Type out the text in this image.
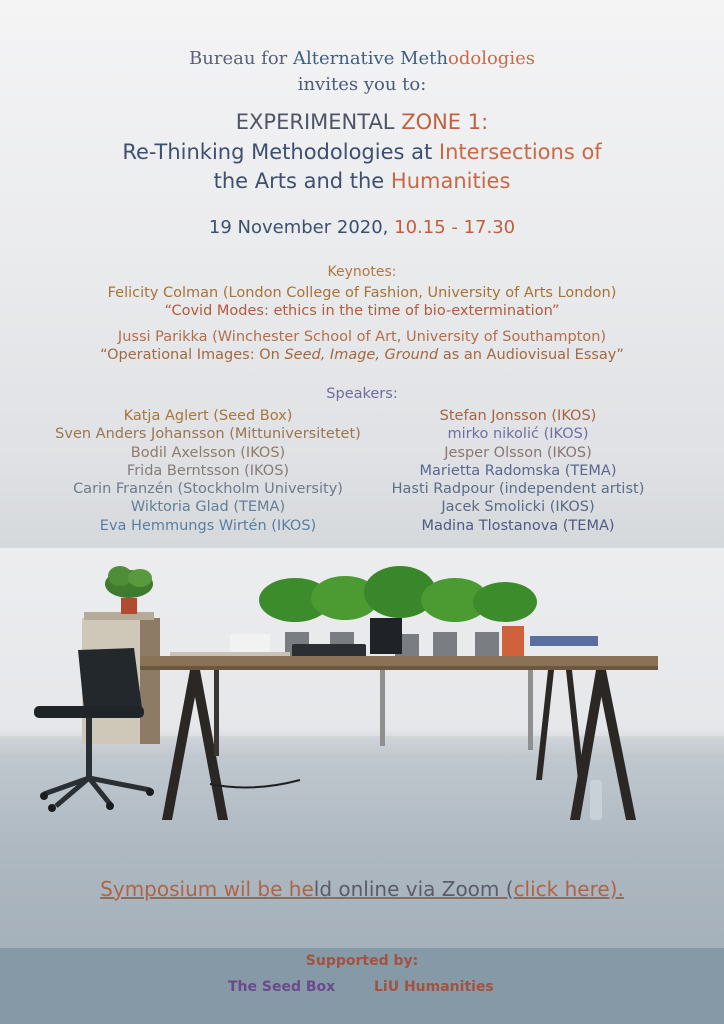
Bureau for Alternative Methodologies
invites you to:
EXPERIMENTAL ZONE 1:
Re-Thinking Methodologies at Intersections of
the Arts and the Humanities
19 November 2020, 10.15 - 17.30
Keynotes:
Felicity Colman (London College of Fashion, University of Arts London)
“Covid Modes: ethics in the time of bio-extermination”
Jussi Parikka (Winchester School of Art, University of Southampton)
“Operational Images: On Seed, Image, Ground as an Audiovisual Essay”
Speakers:
Katja Aglert (Seed Box)
Sven Anders Johansson (Mittuniversitetet)
Bodil Axelsson (IKOS)
Frida Berntsson (IKOS)
Carin Franzén (Stockholm University)
Wiktoria Glad (TEMA)
Eva Hemmungs Wirtén (IKOS)
Stefan Jonsson (IKOS)
mirko nikolić (IKOS)
Jesper Olsson (IKOS)
Marietta Radomska (TEMA)
Hasti Radpour (independent artist)
Jacek Smolicki (IKOS)
Madina Tlostanova (TEMA)
Symposium wil be held online via Zoom (click here).
Supported by:
The Seed Box	LiU Humanities
